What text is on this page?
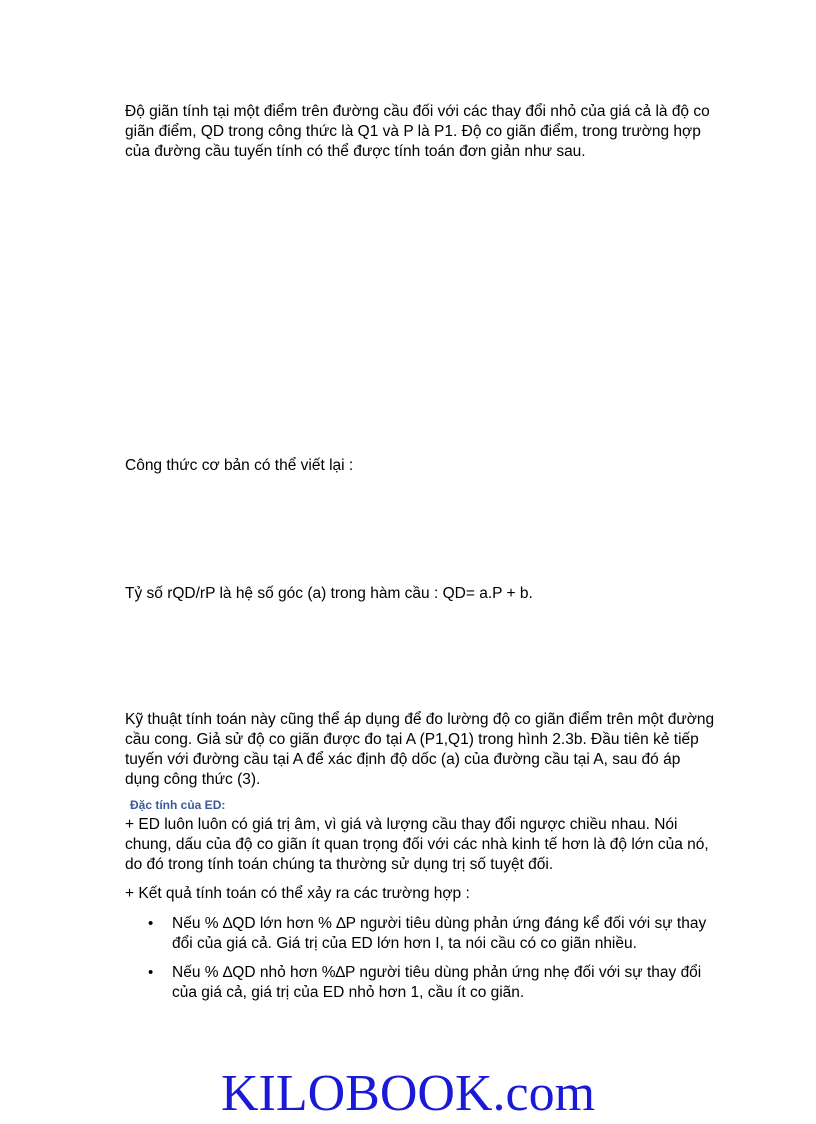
Độ giãn tính tại một điểm trên đường cầu đối với các thay đổi nhỏ của giá cả là độ co giãn điểm, QD trong công thức là Q1 và P là P1. Độ co giãn điểm, trong trường hợp của đường cầu tuyến tính có thể được tính toán đơn giản như sau.

Công thức cơ bản có thể viết lại :

Tỷ số rQD/rP là hệ số góc (a) trong hàm cầu : QD= a.P + b.

Kỹ thuật tính toán này cũng thể áp dụng để đo lường độ co giãn điểm trên một đường cầu cong. Giả sử độ co giãn được đo tại A (P1,Q1) trong hình 2.3b. Đầu tiên kẻ tiếp tuyến với đường cầu tại A để xác định độ dốc (a) của đường cầu tại A, sau đó áp dụng công thức (3).

Đặc tính của ED:

+ ED luôn luôn có giá trị âm, vì giá và lượng cầu thay đổi ngược chiều nhau. Nói chung, dấu của độ co giãn ít quan trọng đối với các nhà kinh tế hơn là độ lớn của nó, do đó trong tính toán chúng ta thường sử dụng trị số tuyệt đối.

+ Kết quả tính toán có thể xảy ra các trường hợp :

• Nếu % ∆QD lớn hơn % ∆P người tiêu dùng phản ứng đáng kể đối với sự thay đổi của giá cả. Giá trị của ED lớn hơn I, ta nói cầu có co giãn nhiều.
• Nếu % ∆QD nhỏ hơn %∆P người tiêu dùng phản ứng nhẹ đối với sự thay đổi của giá cả, giá trị của ED nhỏ hơn 1, cầu ít co giãn.

KILOBOOK.com
